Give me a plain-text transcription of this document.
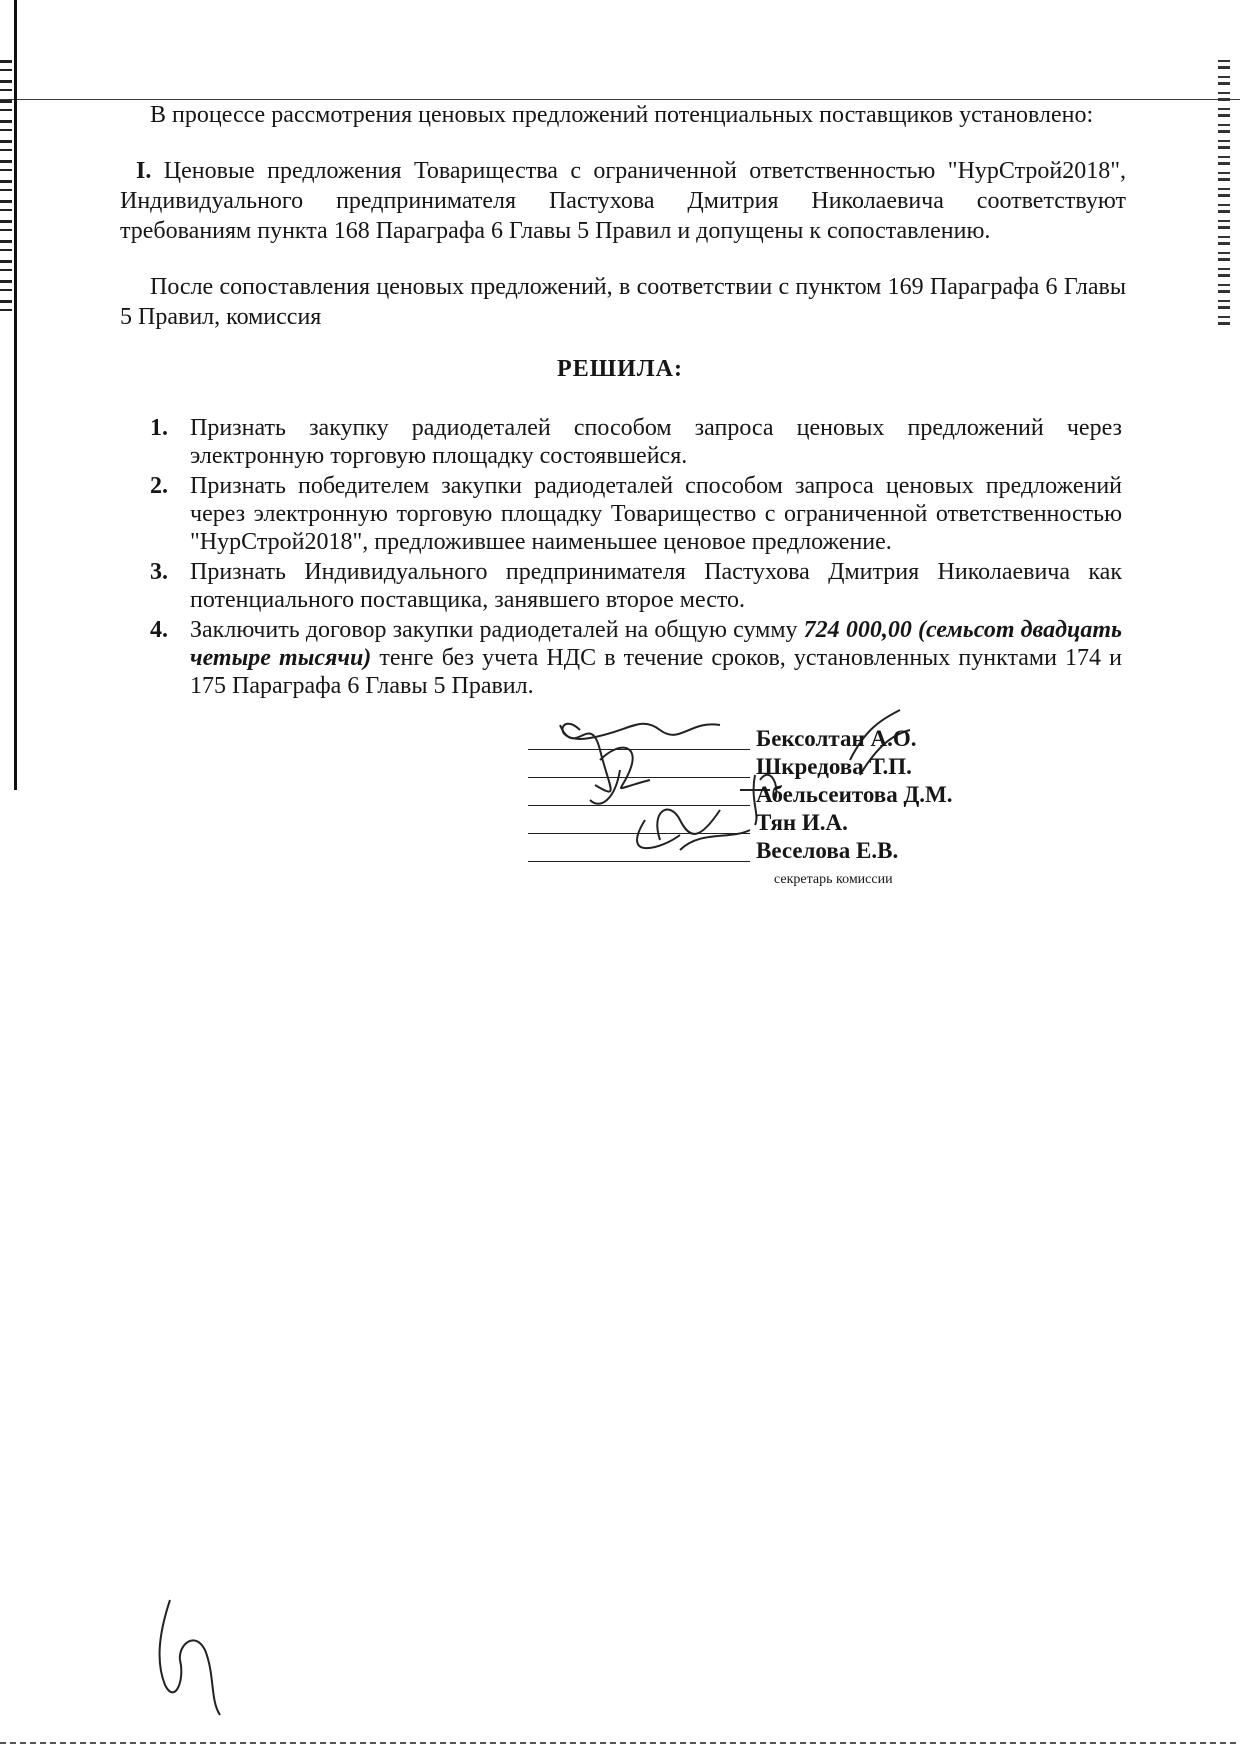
В процессе рассмотрения ценовых предложений потенциальных поставщиков установлено:
I. Ценовые предложения Товарищества с ограниченной ответственностью "НурСтрой2018", Индивидуального предпринимателя Пастухова Дмитрия Николаевича соответствуют требованиям пункта 168 Параграфа 6 Главы 5 Правил и допущены к сопоставлению.
После сопоставления ценовых предложений, в соответствии с пунктом 169 Параграфа 6 Главы 5 Правил, комиссия
РЕШИЛА:
1. Признать закупку радиодеталей способом запроса ценовых предложений через электронную торговую площадку состоявшейся.
2. Признать победителем закупки радиодеталей способом запроса ценовых предложений через электронную торговую площадку Товарищество с ограниченной ответственностью "НурСтрой2018", предложившее наименьшее ценовое предложение.
3. Признать Индивидуального предпринимателя Пастухова Дмитрия Николаевича как потенциального поставщика, занявшего второе место.
4. Заключить договор закупки радиодеталей на общую сумму 724 000,00 (семьсот двадцать четыре тысячи) тенге без учета НДС в течение сроков, установленных пунктами 174 и 175 Параграфа 6 Главы 5 Правил.
Бексолтан А.О.
Шкредова Т.П.
Абельсеитова Д.М.
Тян И.А.
Веселова Е.В.
секретарь комиссии
